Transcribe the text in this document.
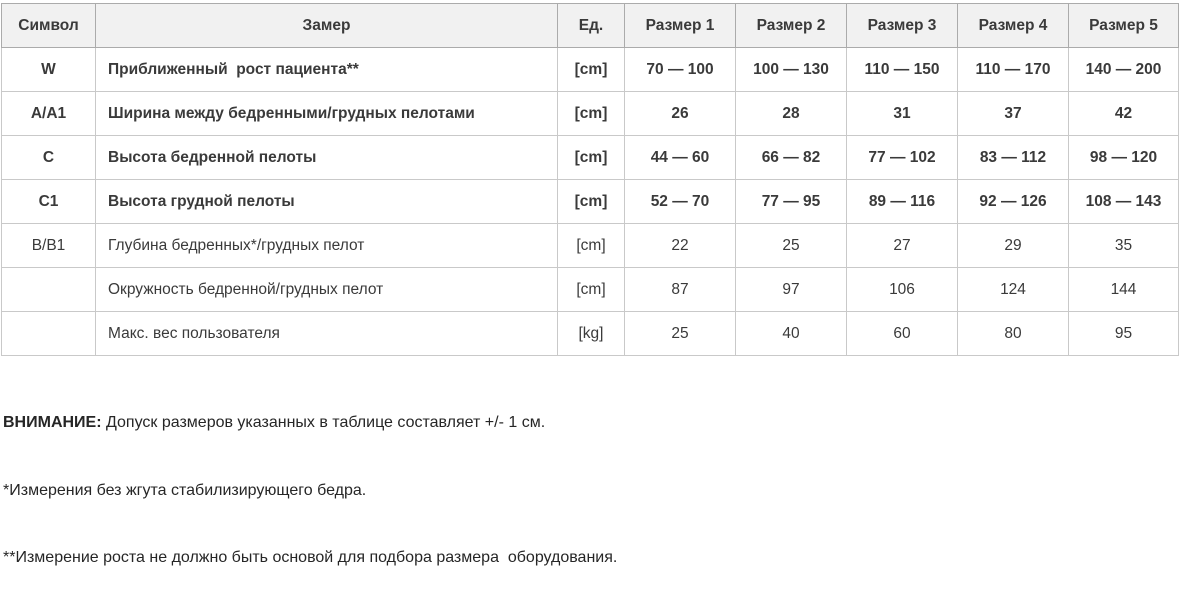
Символ	Замер	Ед.	Размер 1	Размер 2	Размер 3	Размер 4	Размер 5
W	Приближенный  рост пациента**	[cm]	70 — 100	100 — 130	110 — 150	110 — 170	140 — 200
A/A1	Ширина между бедренными/грудных пелотами	[cm]	26	28	31	37	42
C	Высота бедренной пелоты	[cm]	44 — 60	66 — 82	77 — 102	83 — 112	98 — 120
C1	Высота грудной пелоты	[cm]	52 — 70	77 — 95	89 — 116	92 — 126	108 — 143
B/B1	Глубина бедренных*/грудных пелот	[cm]	22	25	27	29	35
	Окружность бедренной/грудных пелот	[cm]	87	97	106	124	144
	Макс. вес пользователя	[kg]	25	40	60	80	95

ВНИМАНИЕ: Допуск размеров указанных в таблице составляет +/- 1 см.

*Измерения без жгута стабилизирующего бедра.

**Измерение роста не должно быть основой для подбора размера  оборудования.
